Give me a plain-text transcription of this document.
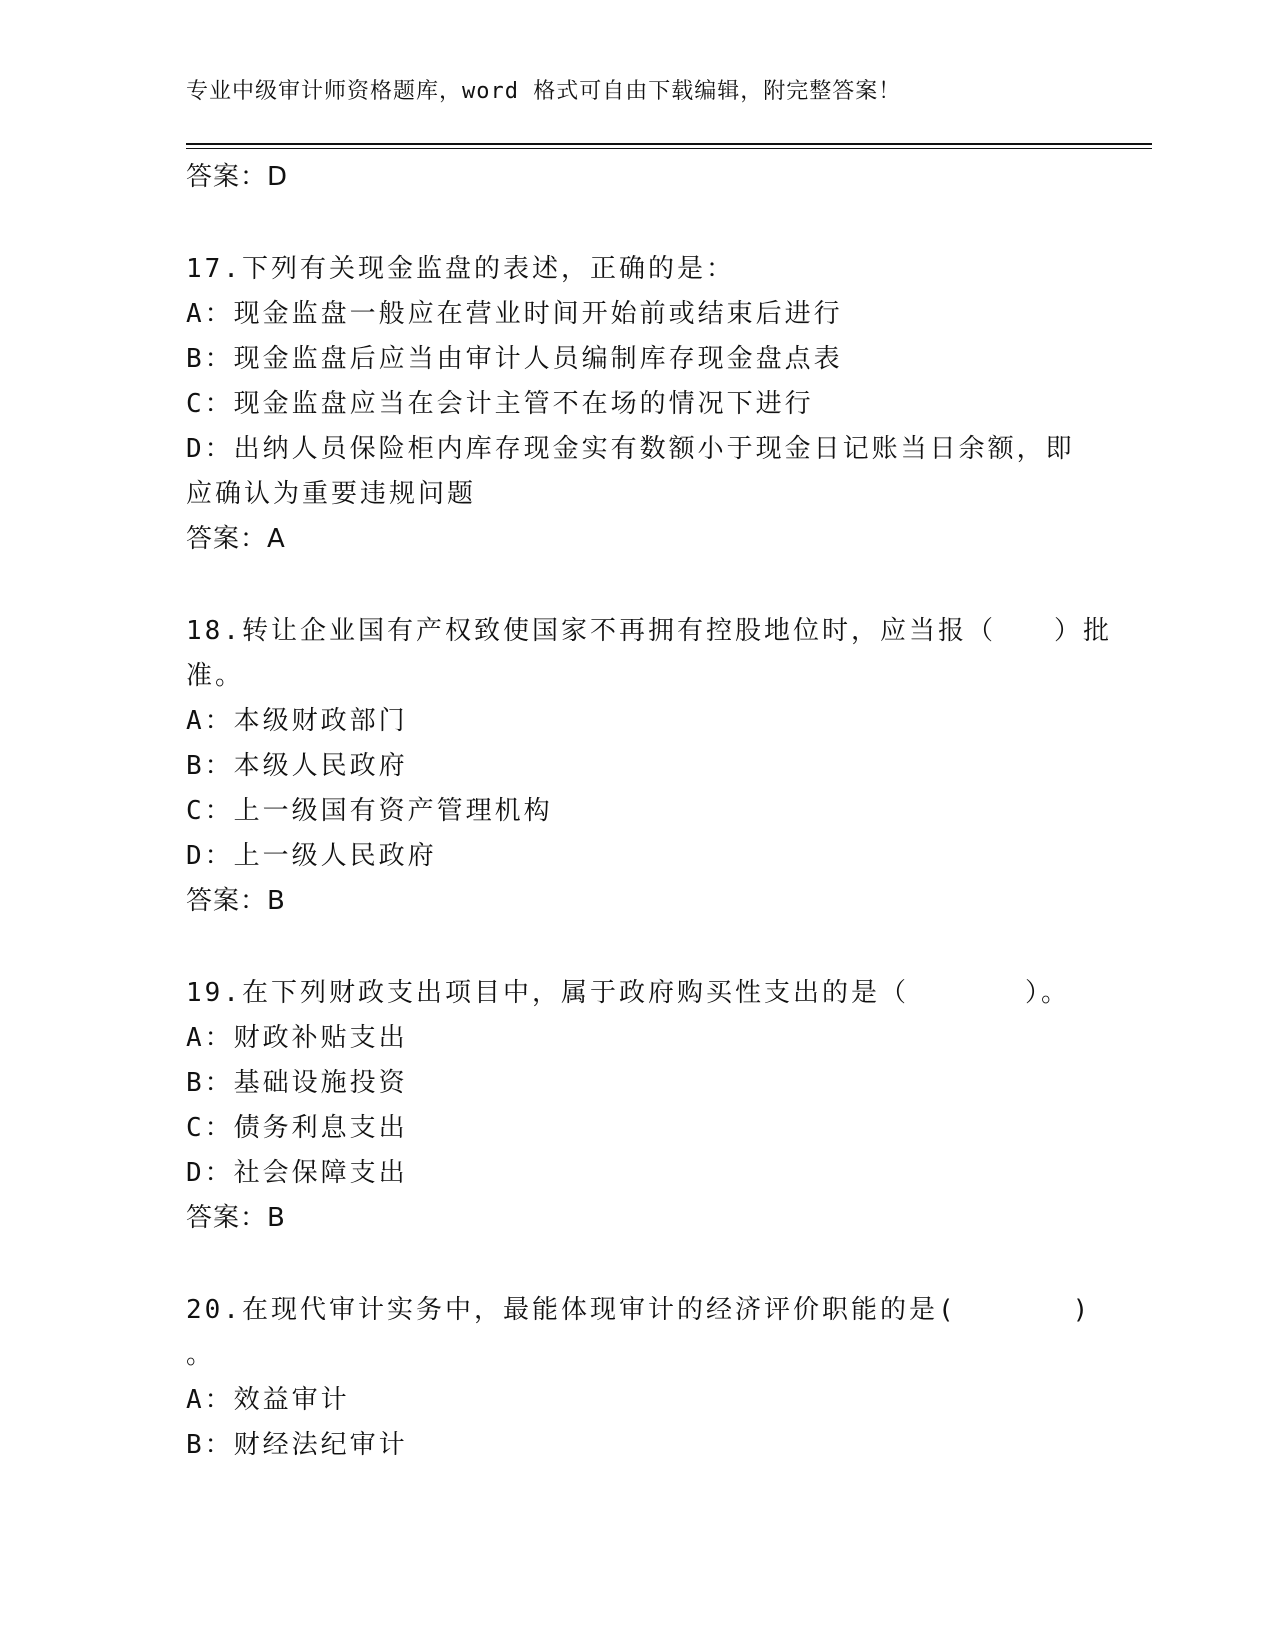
专业中级审计师资格题库，word 格式可自由下载编辑，附完整答案！
答案：D
17.下列有关现金监盘的表述，正确的是：
A：现金监盘一般应在营业时间开始前或结束后进行
B：现金监盘后应当由审计人员编制库存现金盘点表
C：现金监盘应当在会计主管不在场的情况下进行
D：出纳人员保险柜内库存现金实有数额小于现金日记账当日余额，即
应确认为重要违规问题
答案：A
18.转让企业国有产权致使国家不再拥有控股地位时，应当报（　　）批
准。
A：本级财政部门
B：本级人民政府
C：上一级国有资产管理机构
D：上一级人民政府
答案：B
19.在下列财政支出项目中，属于政府购买性支出的是（　　　　）。
A：财政补贴支出
B：基础设施投资
C：债务利息支出
D：社会保障支出
答案：B
20.在现代审计实务中，最能体现审计的经济评价职能的是(　　　　)
。
A：效益审计
B：财经法纪审计
